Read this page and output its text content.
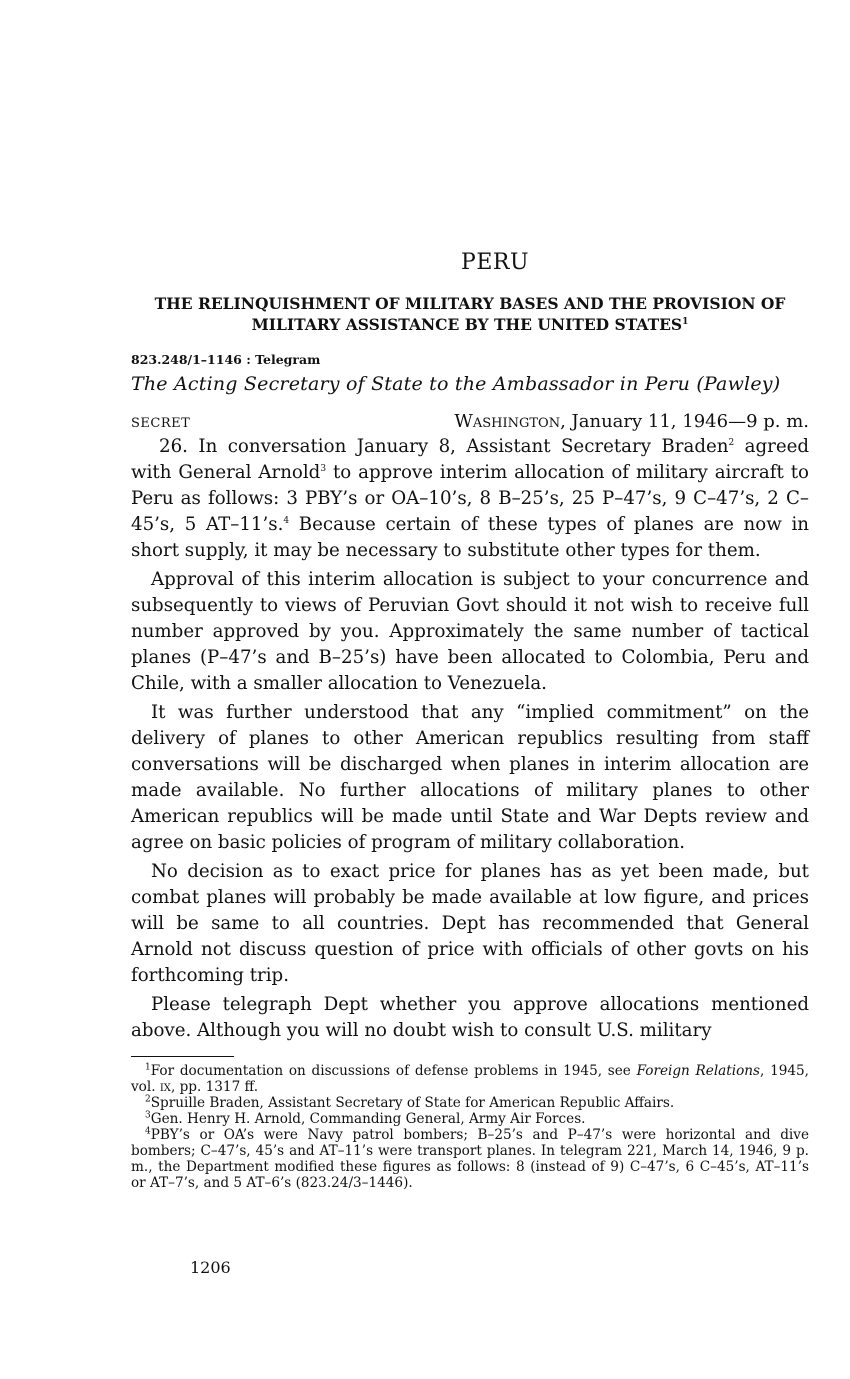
PERU
THE RELINQUISHMENT OF MILITARY BASES AND THE PROVISION OF MILITARY ASSISTANCE BY THE UNITED STATES$^1$
823.248/1–1146 : Telegram
The Acting Secretary of State to the Ambassador in Peru (Pawley)
SECRET	Washington, January 11, 1946—9 p. m.

26. In conversation January 8, Assistant Secretary Braden$^2$ agreed with General Arnold$^3$ to approve interim allocation of military aircraft to Peru as follows: 3 PBY’s or OA–10’s, 8 B–25’s, 25 P–47’s, 9 C–47’s, 2 C–45’s, 5 AT–11’s.$^4$ Because certain of these types of planes are now in short supply, it may be necessary to substitute other types for them.

Approval of this interim allocation is subject to your concurrence and subsequently to views of Peruvian Govt should it not wish to receive full number approved by you. Approximately the same number of tactical planes (P–47’s and B–25’s) have been allocated to Colombia, Peru and Chile, with a smaller allocation to Venezuela.

It was further understood that any “implied commitment” on the delivery of planes to other American republics resulting from staff conversations will be discharged when planes in interim allocation are made available. No further allocations of military planes to other American republics will be made until State and War Depts review and agree on basic policies of program of military collaboration.

No decision as to exact price for planes has as yet been made, but combat planes will probably be made available at low figure, and prices will be same to all countries. Dept has recommended that General Arnold not discuss question of price with officials of other govts on his forthcoming trip.

Please telegraph Dept whether you approve allocations mentioned above. Although you will no doubt wish to consult U.S. military

$^1$For documentation on discussions of defense problems in 1945, see Foreign Relations, 1945, vol. ix, pp. 1317 ff.

$^2$Spruille Braden, Assistant Secretary of State for American Republic Affairs.

$^3$Gen. Henry H. Arnold, Commanding General, Army Air Forces.

$^4$PBY’s or OA’s were Navy patrol bombers; B–25’s and P–47’s were horizontal and dive bombers; C–47’s, 45’s and AT–11’s were transport planes. In telegram 221, March 14, 1946, 9 p. m., the Department modified these figures as follows: 8 (instead of 9) C–47’s, 6 C–45’s, AT–11’s or AT–7’s, and 5 AT–6’s (823.24/3–1446).

1206
